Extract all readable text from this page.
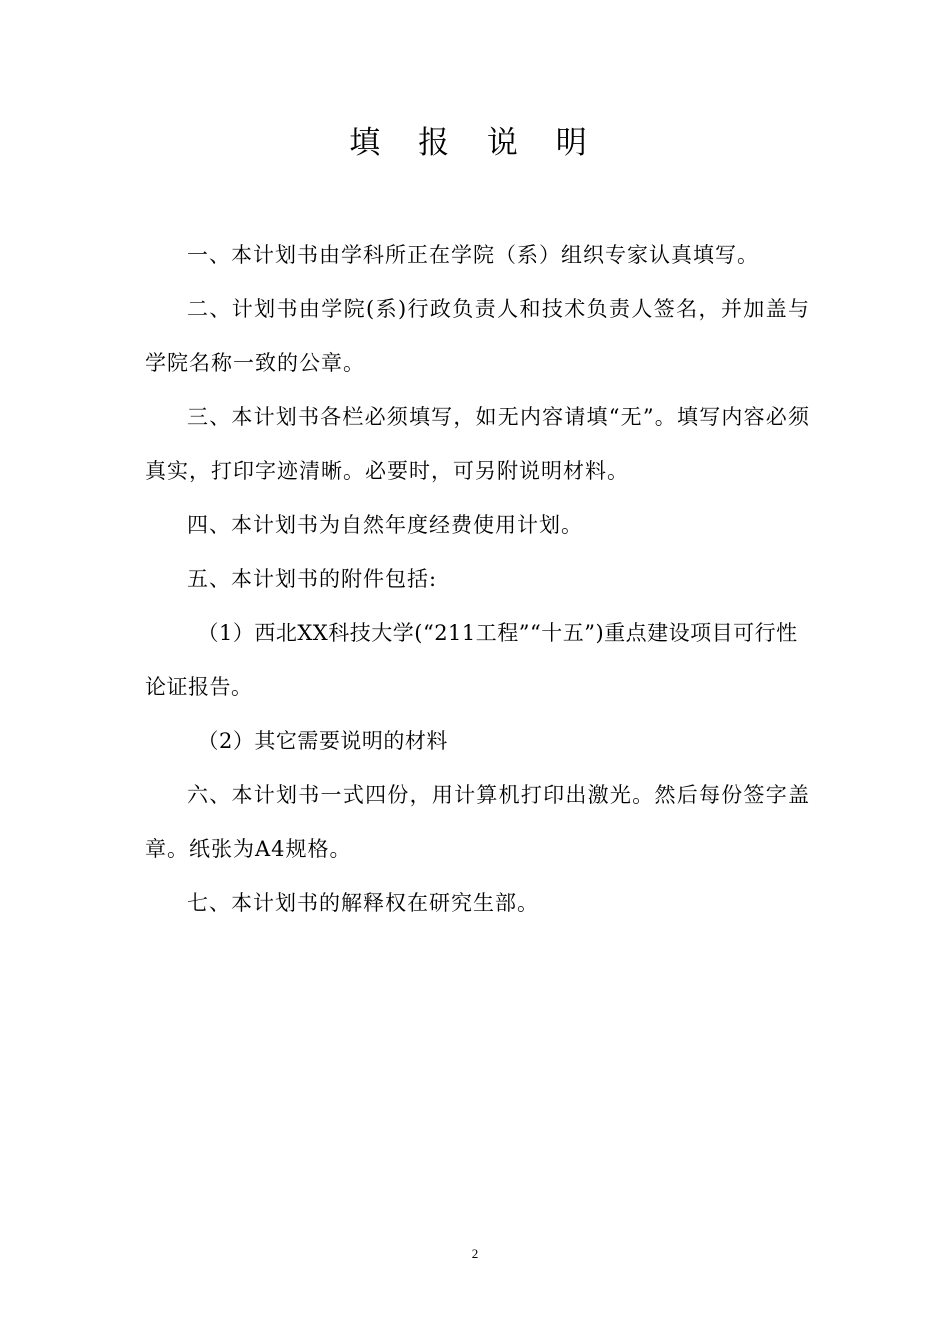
填 报 说 明

一、本计划书由学科所正在学院（系）组织专家认真填写。

二、计划书由学院(系)行政负责人和技术负责人签名，并加盖与学院名称一致的公章。

三、本计划书各栏必须填写，如无内容请填“无”。填写内容必须真实，打印字迹清晰。必要时，可另附说明材料。

四、本计划书为自然年度经费使用计划。

五、本计划书的附件包括:

（1）西北XX科技大学(“211工程”“十五”)重点建设项目可行性论证报告。

（2）其它需要说明的材料

六、本计划书一式四份，用计算机打印出激光。然后每份签字盖章。纸张为A4规格。

七、本计划书的解释权在研究生部。

2
